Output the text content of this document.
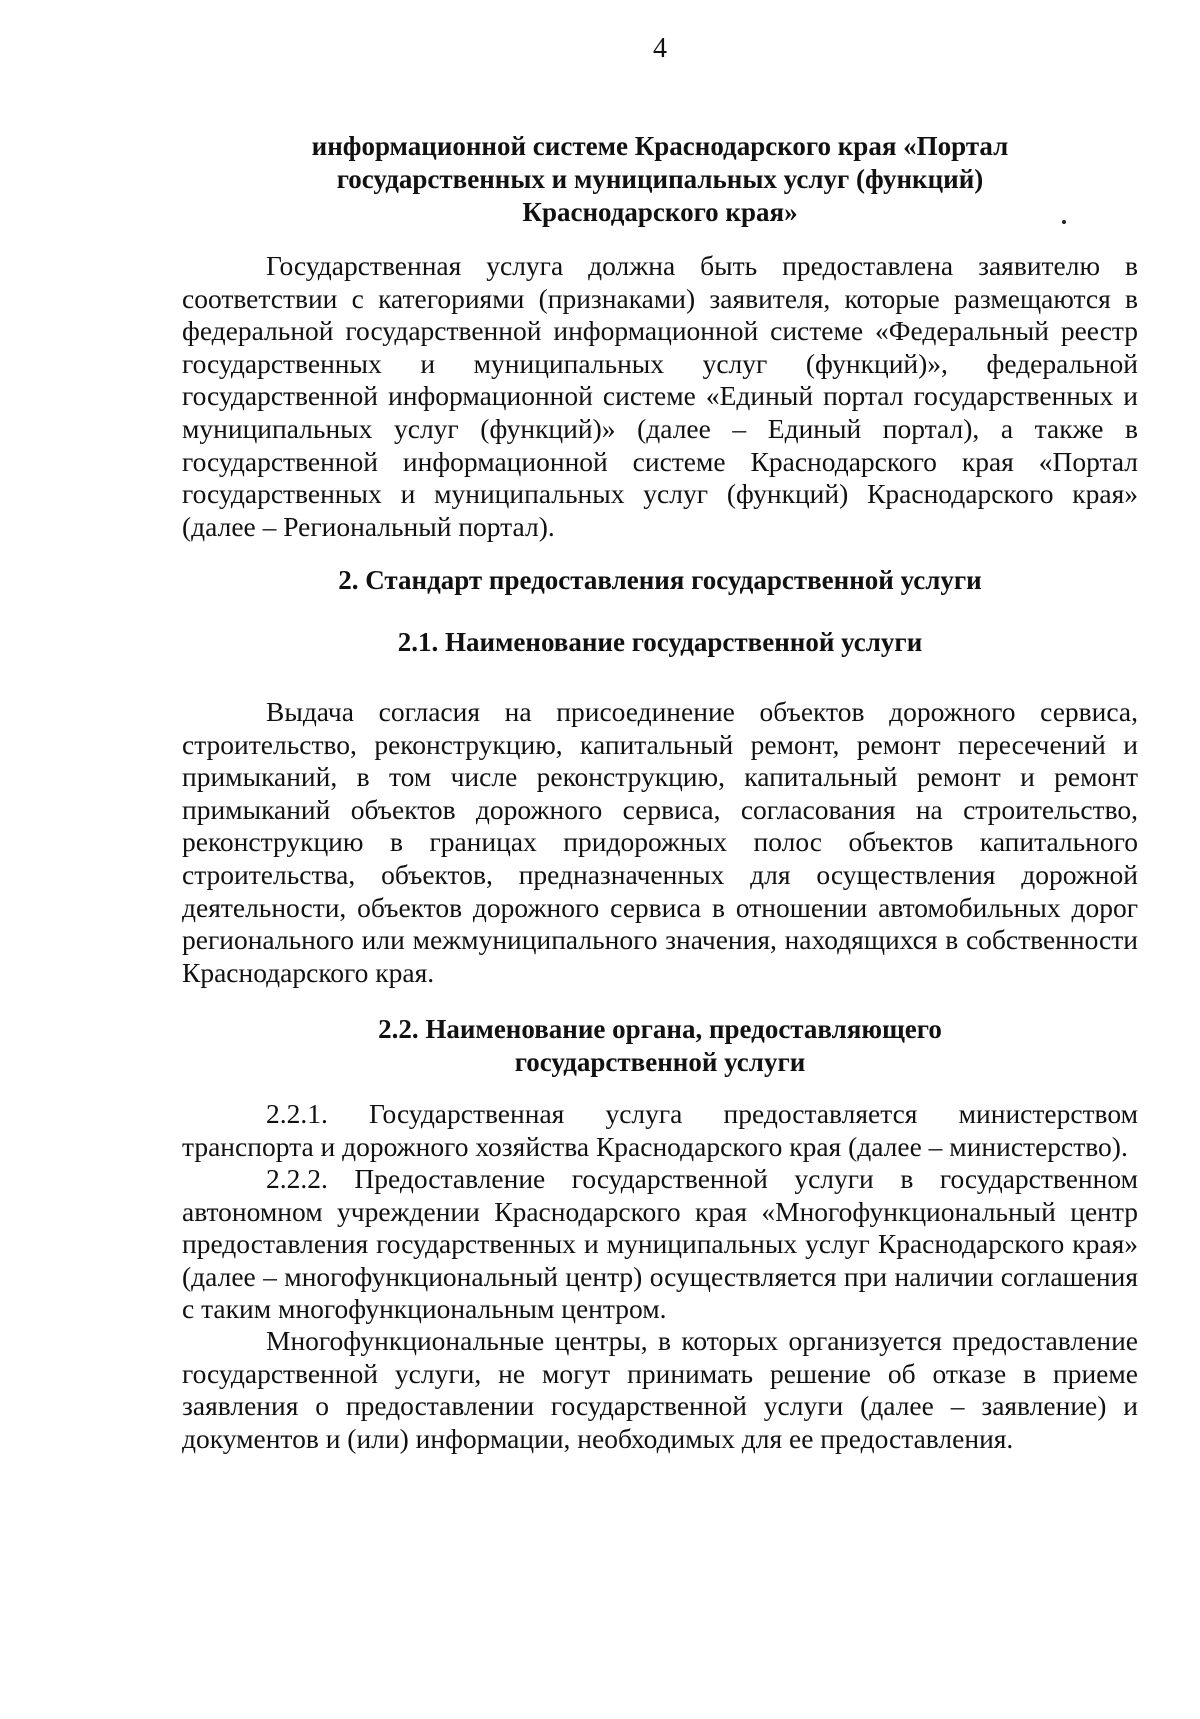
4
информационной системе Краснодарского края «Портал
государственных и муниципальных услуг (функций)
Краснодарского края»

Государственная услуга должна быть предоставлена заявителю в соответствии с категориями (признаками) заявителя, которые размещаются в федеральной государственной информационной системе «Федеральный реестр государственных и муниципальных услуг (функций)», федеральной государственной информационной системе «Единый портал государственных и муниципальных услуг (функций)» (далее – Единый портал), а также в государственной информационной системе Краснодарского края «Портал государственных и муниципальных услуг (функций) Краснодарского края» (далее – Региональный портал).

2. Стандарт предоставления государственной услуги
2.1. Наименование государственной услуги

Выдача согласия на присоединение объектов дорожного сервиса, строительство, реконструкцию, капитальный ремонт, ремонт пересечений и примыканий, в том числе реконструкцию, капитальный ремонт и ремонт примыканий объектов дорожного сервиса, согласования на строительство, реконструкцию в границах придорожных полос объектов капитального строительства, объектов, предназначенных для осуществления дорожной деятельности, объектов дорожного сервиса в отношении автомобильных дорог регионального или межмуниципального значения, находящихся в собственности Краснодарского края.

2.2. Наименование органа, предоставляющего
государственной услуги

2.2.1. Государственная услуга предоставляется министерством транспорта и дорожного хозяйства Краснодарского края (далее – министерство).

2.2.2. Предоставление государственной услуги в государственном автономном учреждении Краснодарского края «Многофункциональный центр предоставления государственных и муниципальных услуг Краснодарского края» (далее – многофункциональный центр) осуществляется при наличии соглашения с таким многофункциональным центром.

Многофункциональные центры, в которых организуется предоставление государственной услуги, не могут принимать решение об отказе в приеме заявления о предоставлении государственной услуги (далее – заявление) и документов и (или) информации, необходимых для ее предоставления.
